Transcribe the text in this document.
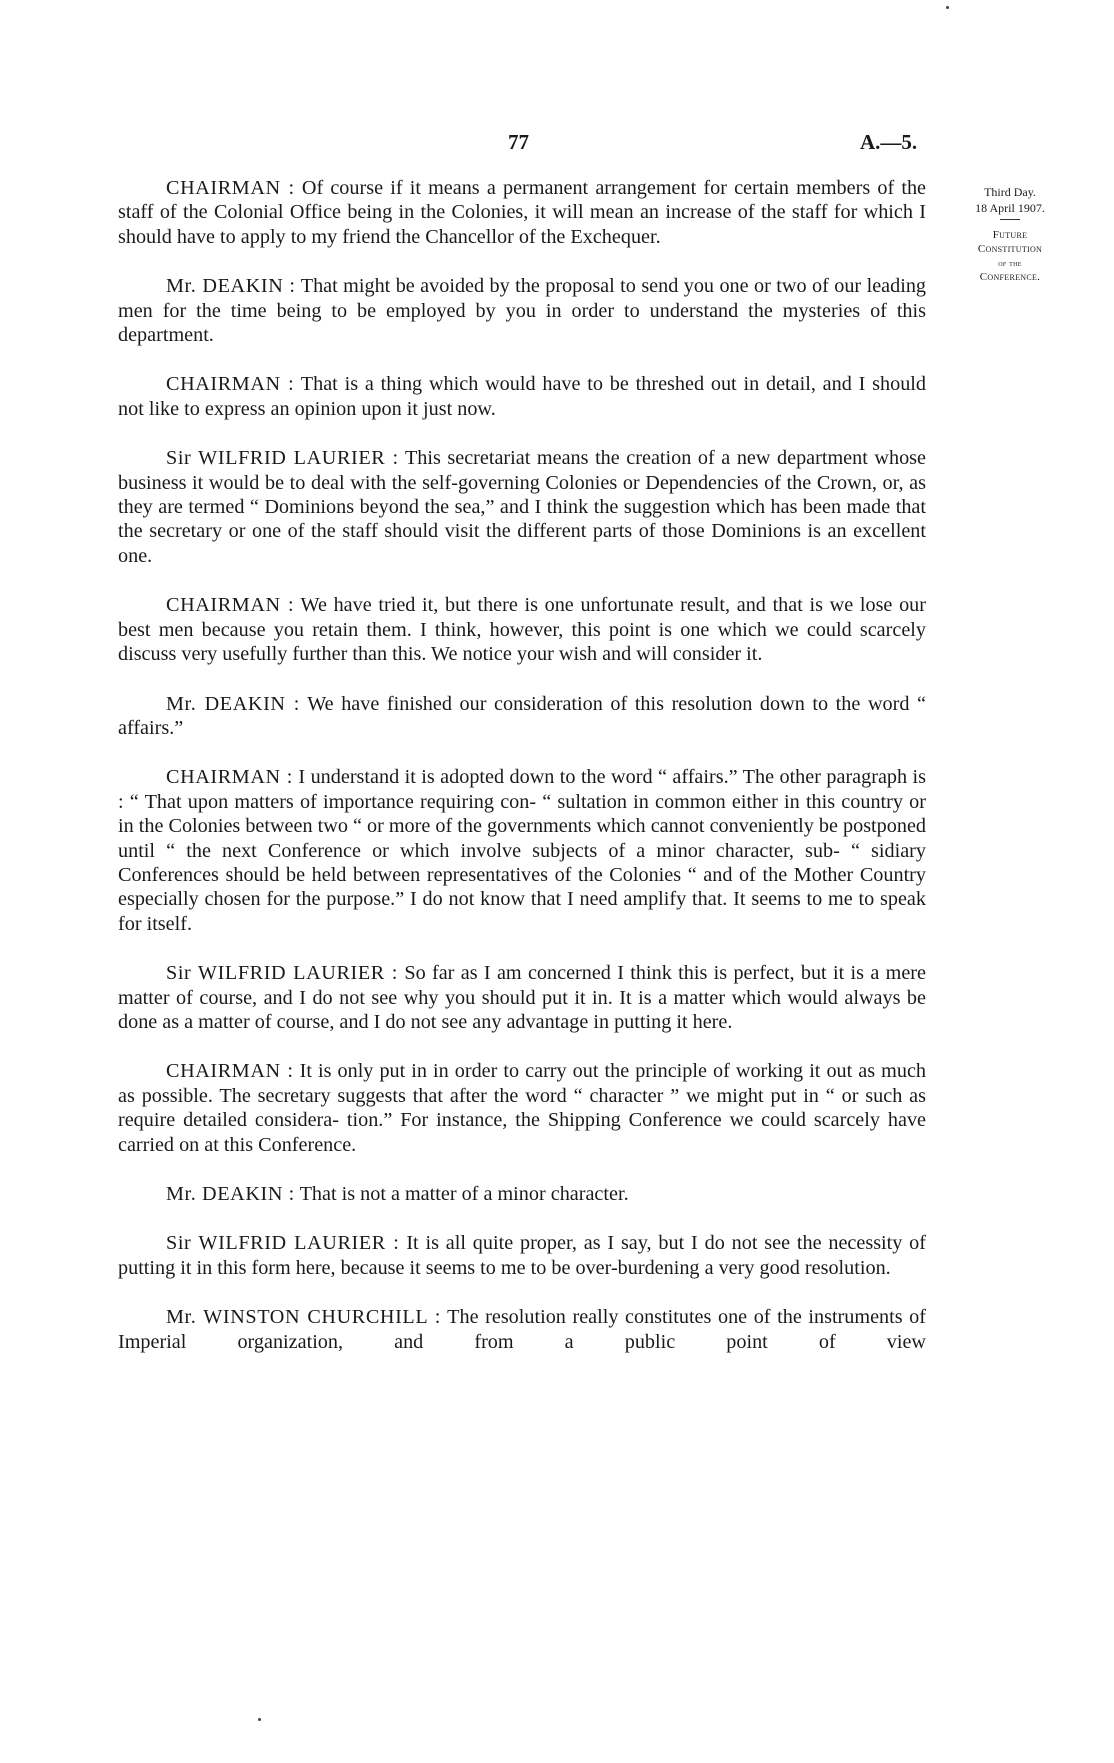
77	A.—5.
Third Day.
18 April 1907.
Future
Constitution
of the
Conference.

CHAIRMAN : Of course if it means a permanent arrangement for certain members of the staff of the Colonial Office being in the Colonies, it will mean an increase of the staff for which I should have to apply to my friend the Chancellor of the Exchequer.

Mr. DEAKIN : That might be avoided by the proposal to send you one or two of our leading men for the time being to be employed by you in order to understand the mysteries of this department.

CHAIRMAN : That is a thing which would have to be threshed out in detail, and I should not like to express an opinion upon it just now.

Sir WILFRID LAURIER : This secretariat means the creation of a new department whose business it would be to deal with the self-governing Colonies or Dependencies of the Crown, or, as they are termed “ Dominions beyond the sea,” and I think the suggestion which has been made that the secretary or one of the staff should visit the different parts of those Dominions is an excellent one.

CHAIRMAN : We have tried it, but there is one unfortunate result, and that is we lose our best men because you retain them. I think, however, this point is one which we could scarcely discuss very usefully further than this. We notice your wish and will consider it.

Mr. DEAKIN : We have finished our consideration of this resolution down to the word “ affairs.”

CHAIRMAN : I understand it is adopted down to the word “ affairs.” The other paragraph is : “ That upon matters of importance requiring con- “ sultation in common either in this country or in the Colonies between two “ or more of the governments which cannot conveniently be postponed until “ the next Conference or which involve subjects of a minor character, sub- “ sidiary Conferences should be held between representatives of the Colonies “ and of the Mother Country especially chosen for the purpose.” I do not know that I need amplify that. It seems to me to speak for itself.

Sir WILFRID LAURIER : So far as I am concerned I think this is perfect, but it is a mere matter of course, and I do not see why you should put it in. It is a matter which would always be done as a matter of course, and I do not see any advantage in putting it here.

CHAIRMAN : It is only put in in order to carry out the principle of working it out as much as possible. The secretary suggests that after the word “ character ” we might put in “ or such as require detailed considera- tion.” For instance, the Shipping Conference we could scarcely have carried on at this Conference.

Mr. DEAKIN : That is not a matter of a minor character.

Sir WILFRID LAURIER : It is all quite proper, as I say, but I do not see the necessity of putting it in this form here, because it seems to me to be over-burdening a very good resolution.

Mr. WINSTON CHURCHILL : The resolution really constitutes one of the instruments of Imperial organization, and from a public point of view
